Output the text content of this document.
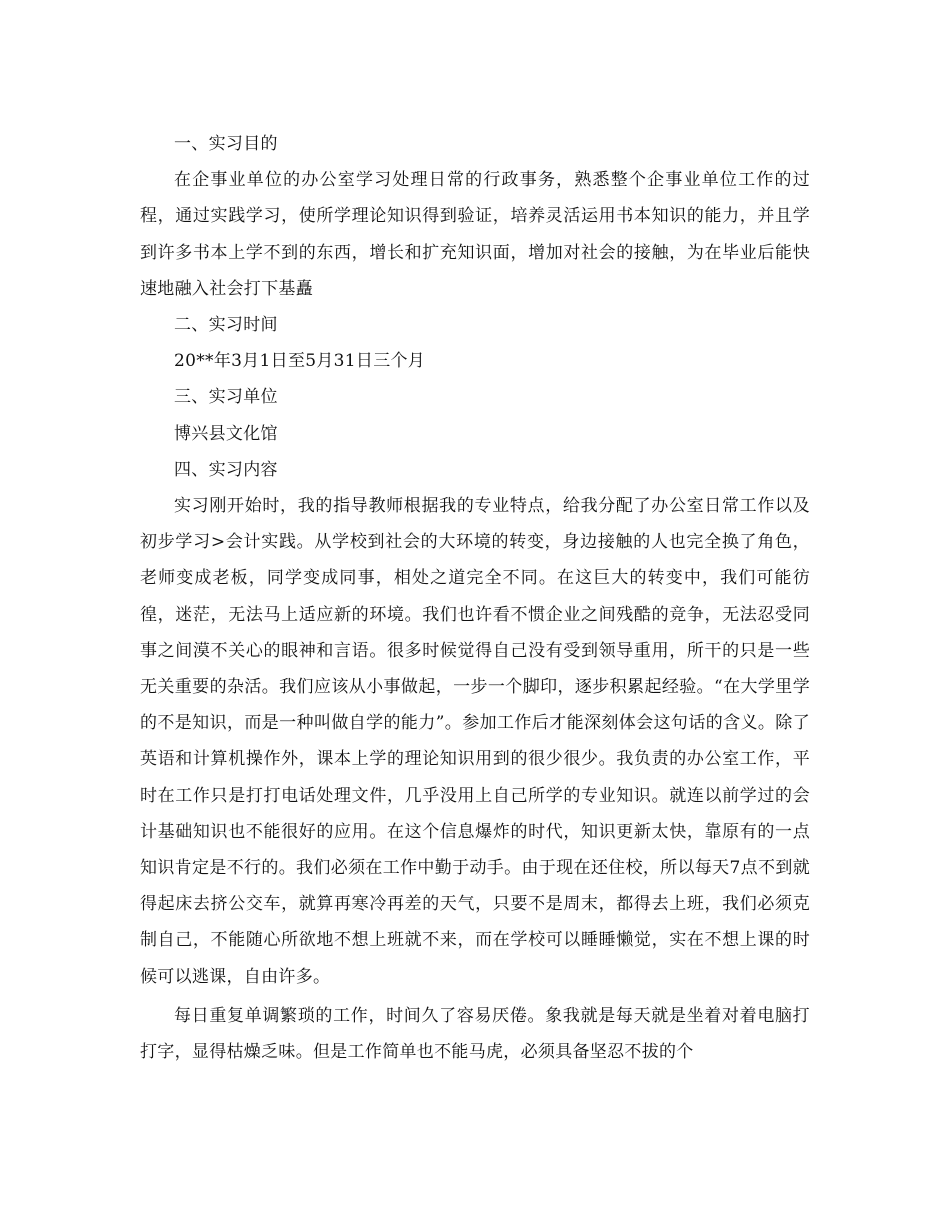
一、实习目的

在企事业单位的办公室学习处理日常的行政事务，熟悉整个企事业单位工作的过程，通过实践学习，使所学理论知识得到验证，培养灵活运用书本知识的能力，并且学到许多书本上学不到的东西，增长和扩充知识面，增加对社会的接触，为在毕业后能快速地融入社会打下基矗

二、实习时间

20**年3月1日至5月31日三个月

三、实习单位

博兴县文化馆

四、实习内容

实习刚开始时，我的指导教师根据我的专业特点，给我分配了办公室日常工作以及初步学习>会计实践。从学校到社会的大环境的转变，身边接触的人也完全换了角色，老师变成老板，同学变成同事，相处之道完全不同。在这巨大的转变中，我们可能彷徨，迷茫，无法马上适应新的环境。我们也许看不惯企业之间残酷的竞争，无法忍受同事之间漠不关心的眼神和言语。很多时候觉得自己没有受到领导重用，所干的只是一些无关重要的杂活。我们应该从小事做起，一步一个脚印，逐步积累起经验。“在大学里学的不是知识，而是一种叫做自学的能力”。参加工作后才能深刻体会这句话的含义。除了英语和计算机操作外，课本上学的理论知识用到的很少很少。我负责的办公室工作，平时在工作只是打打电话处理文件，几乎没用上自己所学的专业知识。就连以前学过的会计基础知识也不能很好的应用。在这个信息爆炸的时代，知识更新太快，靠原有的一点知识肯定是不行的。我们必须在工作中勤于动手。由于现在还住校，所以每天7点不到就得起床去挤公交车，就算再寒冷再差的天气，只要不是周末，都得去上班，我们必须克制自己，不能随心所欲地不想上班就不来，而在学校可以睡睡懒觉，实在不想上课的时候可以逃课，自由许多。

每日重复单调繁琐的工作，时间久了容易厌倦。象我就是每天就是坐着对着电脑打打字，显得枯燥乏味。但是工作简单也不能马虎，必须具备坚忍不拔的个
